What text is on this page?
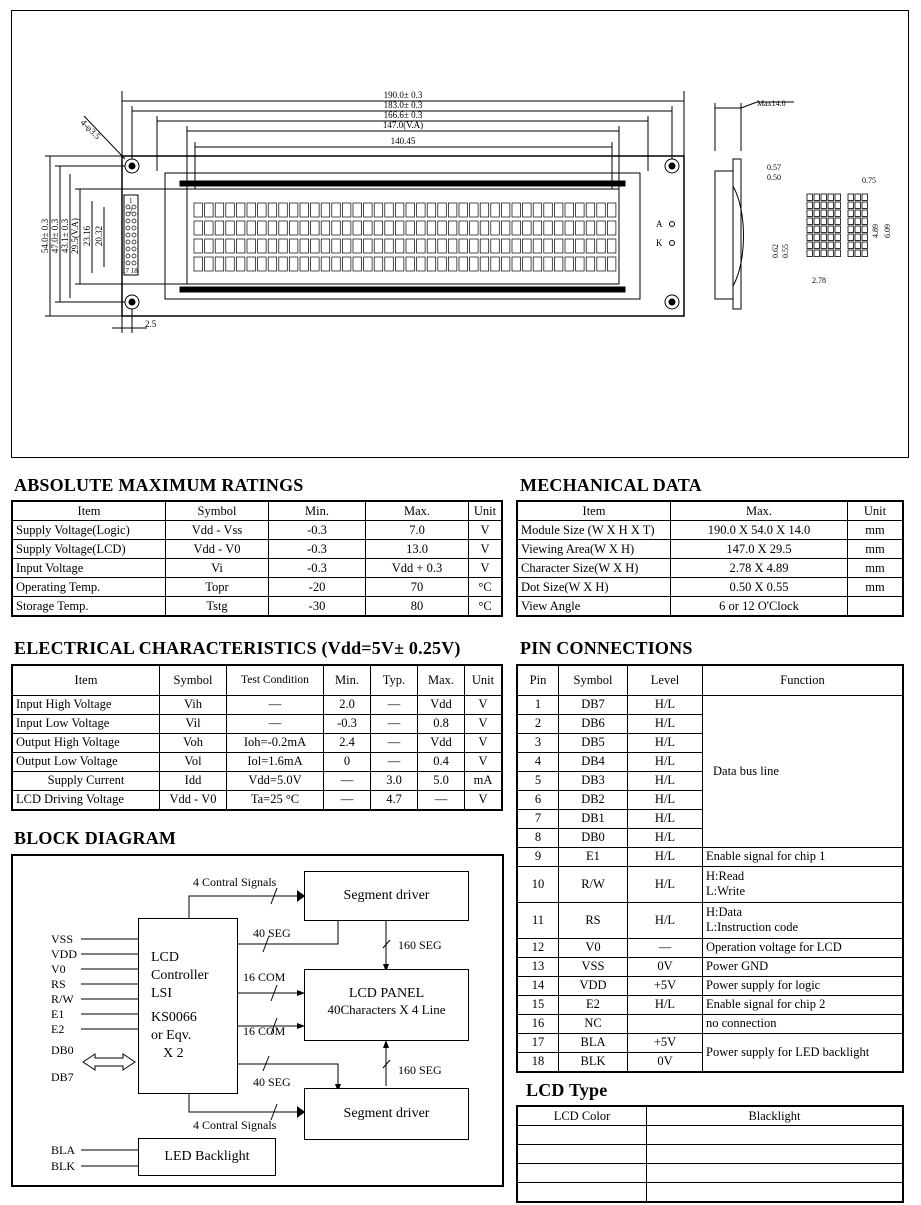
190.0± 0.3
183.0± 0.3
166.6± 0.3
147.0(V.A)
140.45
54.0± 0.3 47.0± 0.3 43.1± 0.3 29.5(V.A) 23.16 20.32
4-φ3.5
1
2
17 18
2.5
A
K
Max14.0
0.57
0.50	0.75
0.62 0.55
4.89 6.09
2.78
ABSOLUTE MAXIMUM RATINGS
Item	Symbol	Min.	Max.	Unit
Supply Voltage(Logic)	Vdd - Vss	-0.3	7.0	V
Supply Voltage(LCD)	Vdd - V0	-0.3	13.0	V
Input Voltage	Vi	-0.3	Vdd + 0.3	V
Operating Temp.	Topr	-20	70	°C
Storage Temp.	Tstg	-30	80	°C
MECHANICAL DATA
Item	Max.	Unit
Module Size (W X H X T)	190.0 X 54.0 X 14.0	mm
Viewing Area(W X H)	147.0 X 29.5	mm
Character Size(W X H)	2.78 X 4.89	mm
Dot Size(W X H)	0.50 X 0.55	mm
View Angle	6 or 12 O'Clock	
ELECTRICAL CHARACTERISTICS (Vdd=5V± 0.25V)
Item	Symbol	Test Condition	Min.	Typ.	Max.	Unit
Input High Voltage	Vih	—	2.0	—	Vdd	V
Input Low Voltage	Vil	—	-0.3	—	0.8	V
Output High Voltage	Voh	Ioh=-0.2mA	2.4	—	Vdd	V
Output Low Voltage	Vol	Iol=1.6mA	0	—	0.4	V
Supply Current	Idd	Vdd=5.0V	—	3.0	5.0	mA
LCD Driving Voltage	Vdd - V0	Ta=25 °C	—	4.7	—	V
PIN CONNECTIONS
Pin	Symbol	Level	Function
1	DB7	H/L	Data bus line
2	DB6	H/L	
3	DB5	H/L	
4	DB4	H/L	
5	DB3	H/L	
6	DB2	H/L	
7	DB1	H/L	
8	DB0	H/L	
9	E1	H/L	Enable signal for chip 1
10	R/W	H/L	H:Read
L:Write

11	RS	H/L	H:Data
L:Instruction code

12	V0	—	Operation voltage for LCD
13	VSS	0V	Power GND
14	VDD	+5V	Power supply for logic
15	E2	H/L	Enable signal for chip 2
16	NC		no connection
17	BLA	+5V	Power supply for LED backlight
18	BLK	0V	
LCD Type
LCD Color	Blacklight

BLOCK DIAGRAM
LCD
Controller
LSI
KS0066
or Eqv.
X 2
Segment driver
Segment driver
LCD PANEL
40Characters X 4 Line
LED Backlight
4 Contral Signals
4 Contral Signals
40 SEG
40 SEG
160 SEG
160 SEG
16 COM
16 COM
VSS
VDD
V0
RS
R/W
E1
E2
DB0
DB7
BLA
BLK
